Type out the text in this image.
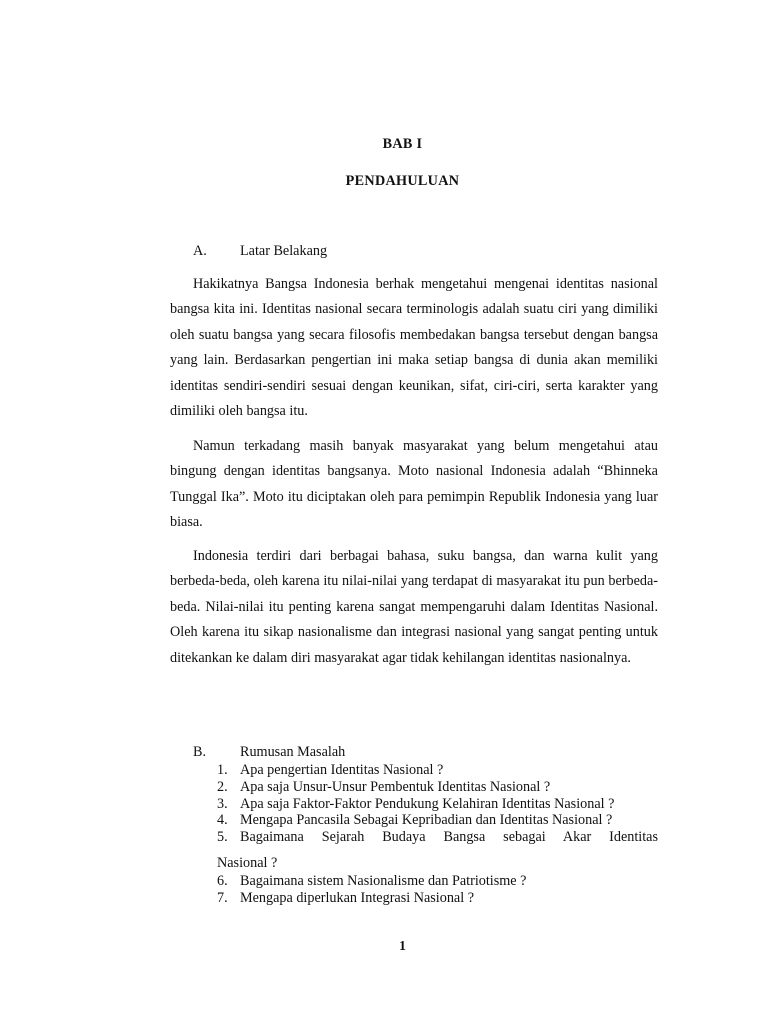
BAB I
PENDAHULUAN
A. Latar Belakang

Hakikatnya Bangsa Indonesia berhak mengetahui mengenai identitas nasional bangsa kita ini. Identitas nasional secara terminologis adalah suatu ciri yang dimiliki oleh suatu bangsa yang secara filosofis membedakan bangsa tersebut dengan bangsa yang lain. Berdasarkan pengertian ini maka setiap bangsa di dunia akan memiliki identitas sendiri-sendiri sesuai dengan keunikan, sifat, ciri-ciri, serta karakter yang dimiliki oleh bangsa itu.

Namun terkadang masih banyak masyarakat yang belum mengetahui atau bingung dengan identitas bangsanya. Moto nasional Indonesia adalah “Bhinneka Tunggal Ika”. Moto itu diciptakan oleh para pemimpin Republik Indonesia yang luar biasa.

Indonesia terdiri dari berbagai bahasa, suku bangsa, dan warna kulit yang berbeda-beda, oleh karena itu nilai-nilai yang terdapat di masyarakat itu pun berbeda-beda. Nilai-nilai itu penting karena sangat mempengaruhi dalam Identitas Nasional. Oleh karena itu sikap nasionalisme dan integrasi nasional yang sangat penting untuk ditekankan ke dalam diri masyarakat agar tidak kehilangan identitas nasionalnya.

B. Rumusan Masalah
1. Apa pengertian Identitas Nasional ?
2. Apa saja Unsur-Unsur Pembentuk Identitas Nasional ?
3. Apa saja Faktor-Faktor Pendukung Kelahiran Identitas Nasional ?
4. Mengapa Pancasila Sebagai Kepribadian dan Identitas Nasional ?
5. Bagaimana Sejarah Budaya Bangsa sebagai Akar Identitas
Nasional ?
6. Bagaimana sistem Nasionalisme dan Patriotisme ?
7. Mengapa diperlukan Integrasi Nasional ?
1
